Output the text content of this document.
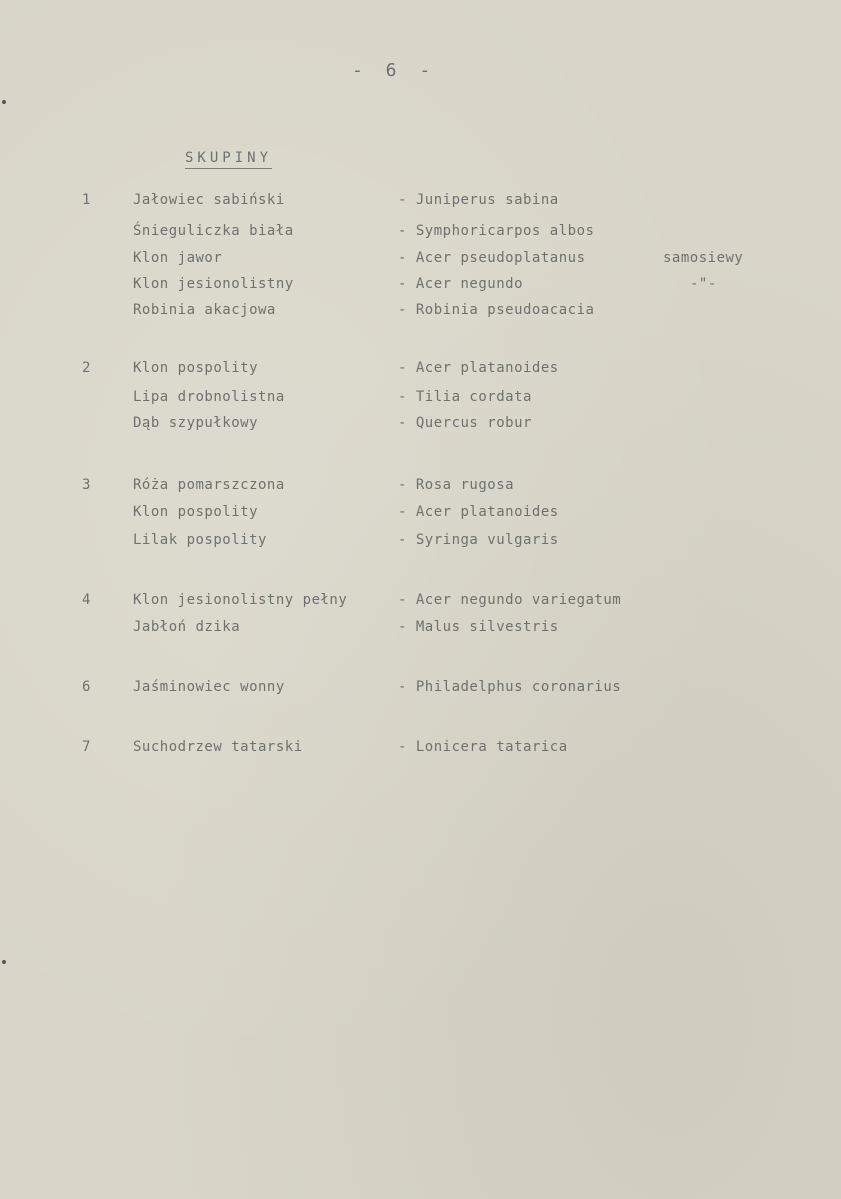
- 6 -
SKUPINY
1	Jałowiec sabiński	- Juniperus sabina
Śnieguliczka biała	- Symphoricarpos albos
Klon jawor	- Acer pseudoplatanus	samosiewy
Klon jesionolistny	- Acer negundo	-"-
Robinia akacjowa	- Robinia pseudoacacia
2	Klon pospolity	- Acer platanoides
Lipa drobnolistna	- Tilia cordata
Dąb szypułkowy	- Quercus robur
3	Róża pomarszczona	- Rosa rugosa
Klon pospolity	- Acer platanoides
Lilak pospolity	- Syringa vulgaris
4	Klon jesionolistny pełny	- Acer negundo variegatum
Jabłoń dzika	- Malus silvestris
6	Jaśminowiec wonny	- Philadelphus coronarius
7	Suchodrzew tatarski	- Lonicera tatarica
